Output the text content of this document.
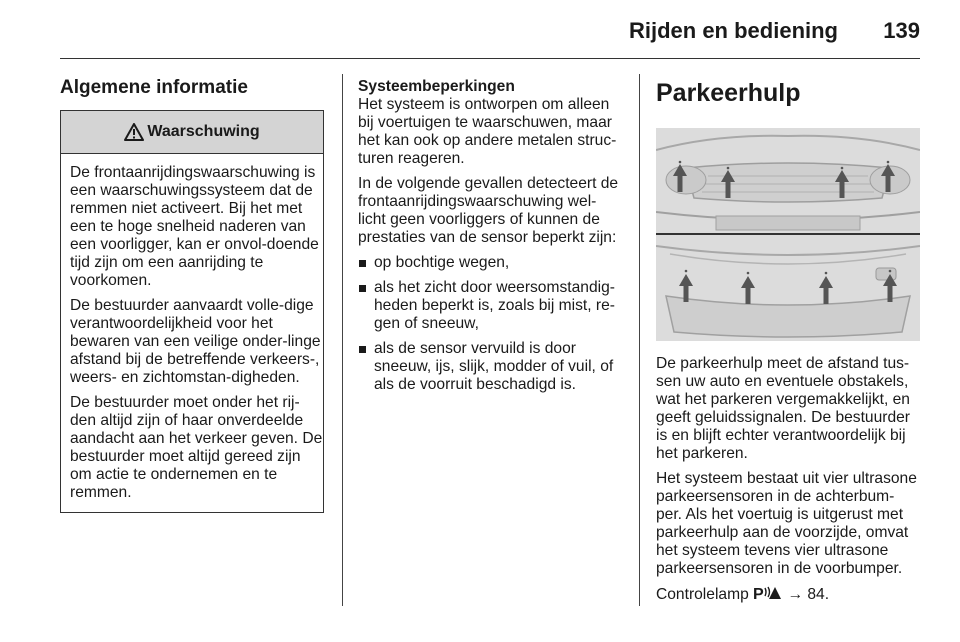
Rijden en bediening 139
Algemene informatie
Waarschuwing

De frontaanrijdingswaarschuwing is een waarschuwingssysteem dat de remmen niet activeert. Bij het met een te hoge snelheid naderen van een voorligger, kan er onvol-doende tijd zijn om een aanrijding te voorkomen.

De bestuurder aanvaardt volle-dige verantwoordelijkheid voor het bewaren van een veilige onder-linge afstand bij de betreffende verkeers-, weers- en zichtomstan-digheden.

De bestuurder moet onder het rij-den altijd zijn of haar onverdeelde aandacht aan het verkeer geven. De bestuurder moet altijd gereed zijn om actie te ondernemen en te remmen.

Systeembeperkingen

Het systeem is ontworpen om alleen bij voertuigen te waarschuwen, maar het kan ook op andere metalen struc-turen reageren.

In de volgende gevallen detecteert de frontaanrijdingswaarschuwing wel-licht geen voorliggers of kunnen de prestaties van de sensor beperkt zijn:

op bochtige wegen,
als het zicht door weersomstandig-heden beperkt is, zoals bij mist, re-gen of sneeuw,
als de sensor vervuild is door sneeuw, ijs, slijk, modder of vuil, of als de voorruit beschadigd is.
Parkeerhulp

De parkeerhulp meet de afstand tus-sen uw auto en eventuele obstakels, wat het parkeren vergemakkelijkt, en geeft geluidssignalen. De bestuurder is en blijft echter verantwoordelijk bij het parkeren.

Het systeem bestaat uit vier ultrasone parkeersensoren in de achterbum-per. Als het voertuig is uitgerust met parkeerhulp aan de voorzijde, omvat het systeem tevens vier ultrasone parkeersensoren in de voorbumper.

Controlelamp P → 84.
